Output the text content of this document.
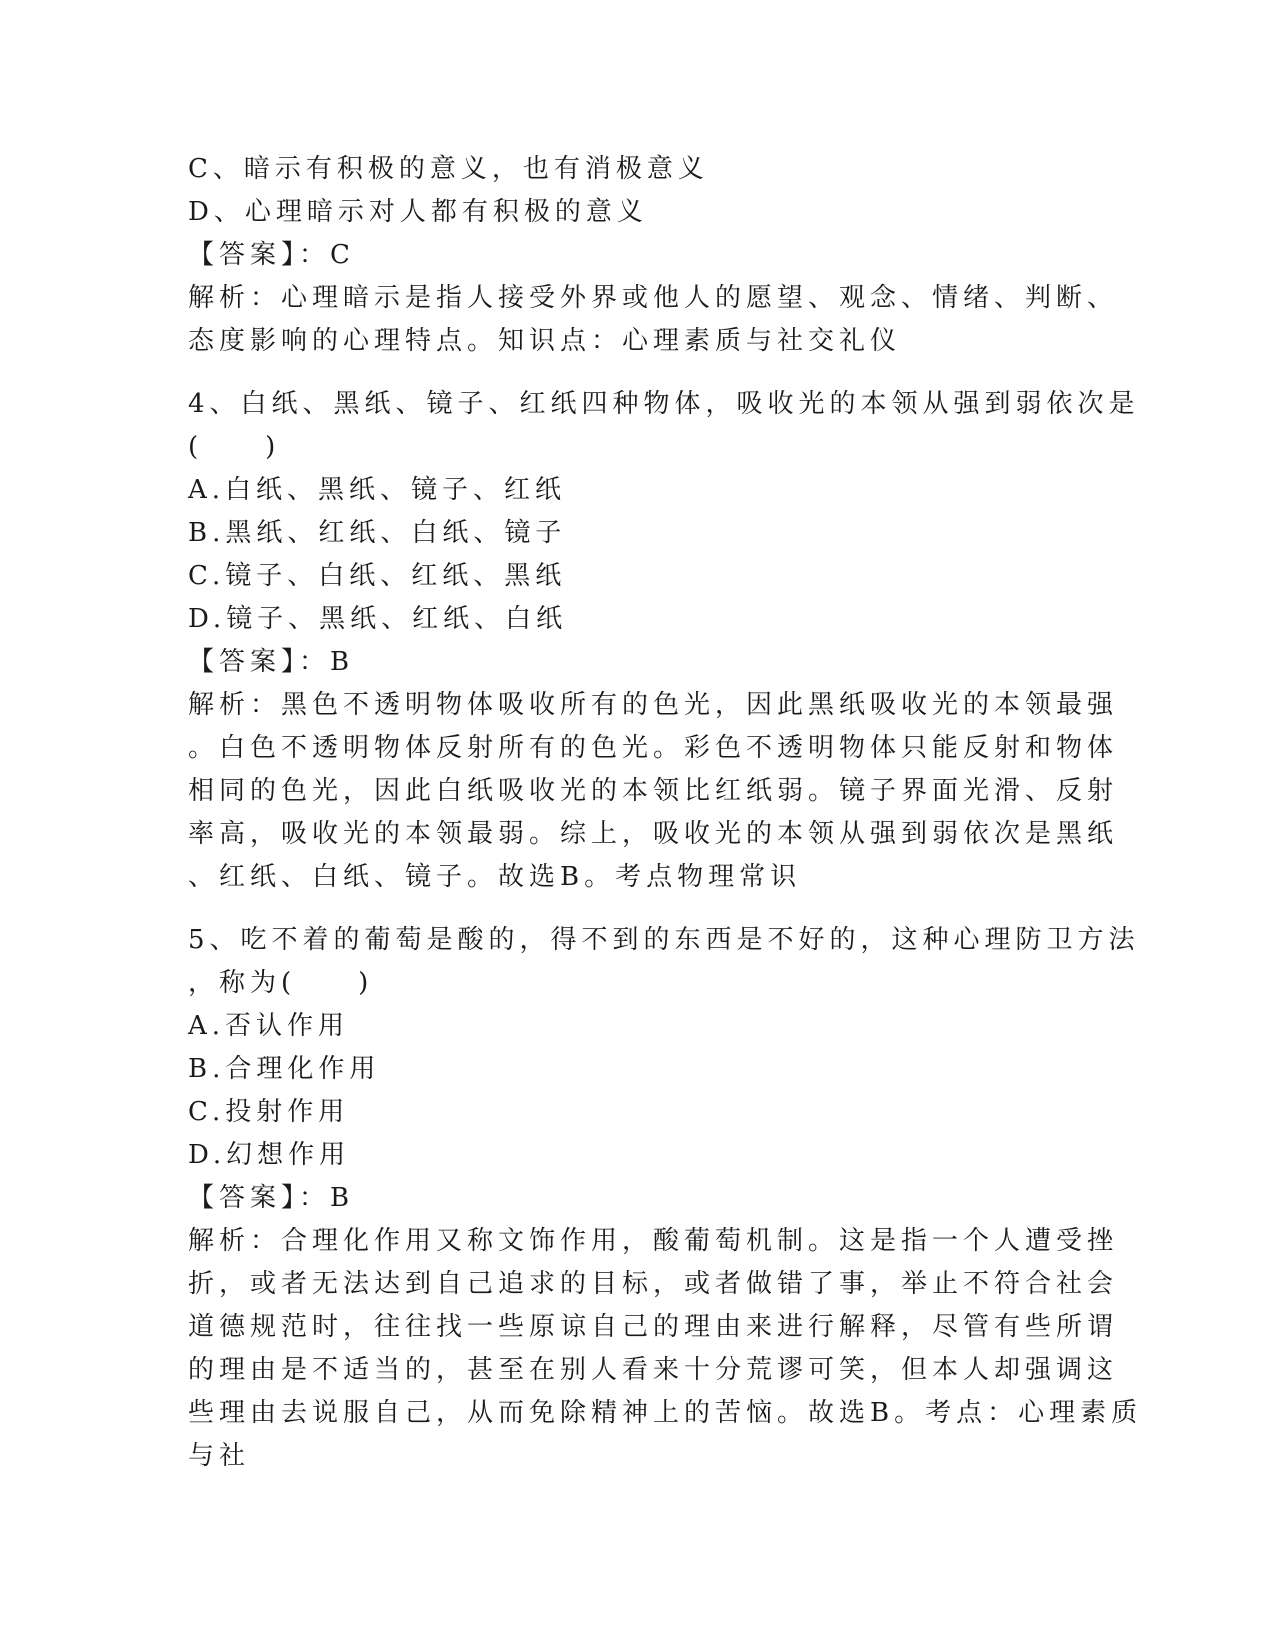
C、暗示有积极的意义，也有消极意义
D、心理暗示对人都有积极的意义
【答案】：C
解析：心理暗示是指人接受外界或他人的愿望、观念、情绪、判断、
态度影响的心理特点。知识点：心理素质与社交礼仪
4、白纸、黑纸、镜子、红纸四种物体，吸收光的本领从强到弱依次是
(　　)
A.白纸、黑纸、镜子、红纸
B.黑纸、红纸、白纸、镜子
C.镜子、白纸、红纸、黑纸
D.镜子、黑纸、红纸、白纸
【答案】：B
解析：黑色不透明物体吸收所有的色光，因此黑纸吸收光的本领最强
。白色不透明物体反射所有的色光。彩色不透明物体只能反射和物体
相同的色光，因此白纸吸收光的本领比红纸弱。镜子界面光滑、反射
率高，吸收光的本领最弱。综上，吸收光的本领从强到弱依次是黑纸
、红纸、白纸、镜子。故选B。考点物理常识
5、吃不着的葡萄是酸的，得不到的东西是不好的，这种心理防卫方法
，称为(　　)
A.否认作用
B.合理化作用
C.投射作用
D.幻想作用
【答案】：B
解析：合理化作用又称文饰作用，酸葡萄机制。这是指一个人遭受挫
折，或者无法达到自己追求的目标，或者做错了事，举止不符合社会
道德规范时，往往找一些原谅自己的理由来进行解释，尽管有些所谓
的理由是不适当的，甚至在别人看来十分荒谬可笑，但本人却强调这
些理由去说服自己，从而免除精神上的苦恼。故选B。考点：心理素质
与社
